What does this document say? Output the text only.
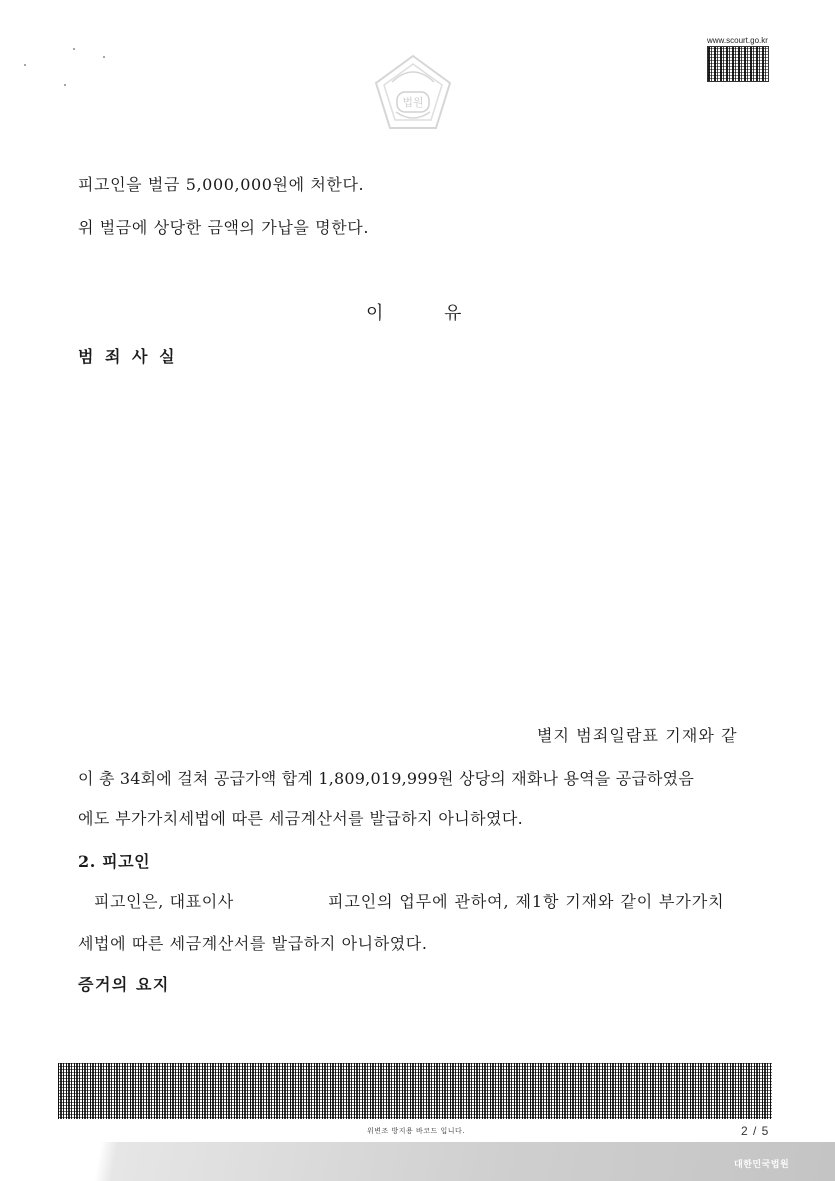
법원
www.scourt.go.kr
피고인을 벌금 5,000,000원에 처한다.
위 벌금에 상당한 금액의 가납을 명한다.
이	유
범 죄 사 실
별지 범죄일람표 기재와 같
이 총 34회에 걸쳐 공급가액 합계 1,809,019,999원 상당의 재화나 용역을 공급하였음
에도 부가가치세법에 따른 세금계산서를 발급하지 아니하였다.
2. 피고인
피고인은, 대표이사	피고인의 업무에 관하여, 제1항 기재와 같이 부가가치
세법에 따른 세금계산서를 발급하지 아니하였다.
증거의 요지
위변조 방지용 바코드 입니다.	2 / 5
대한민국법원
